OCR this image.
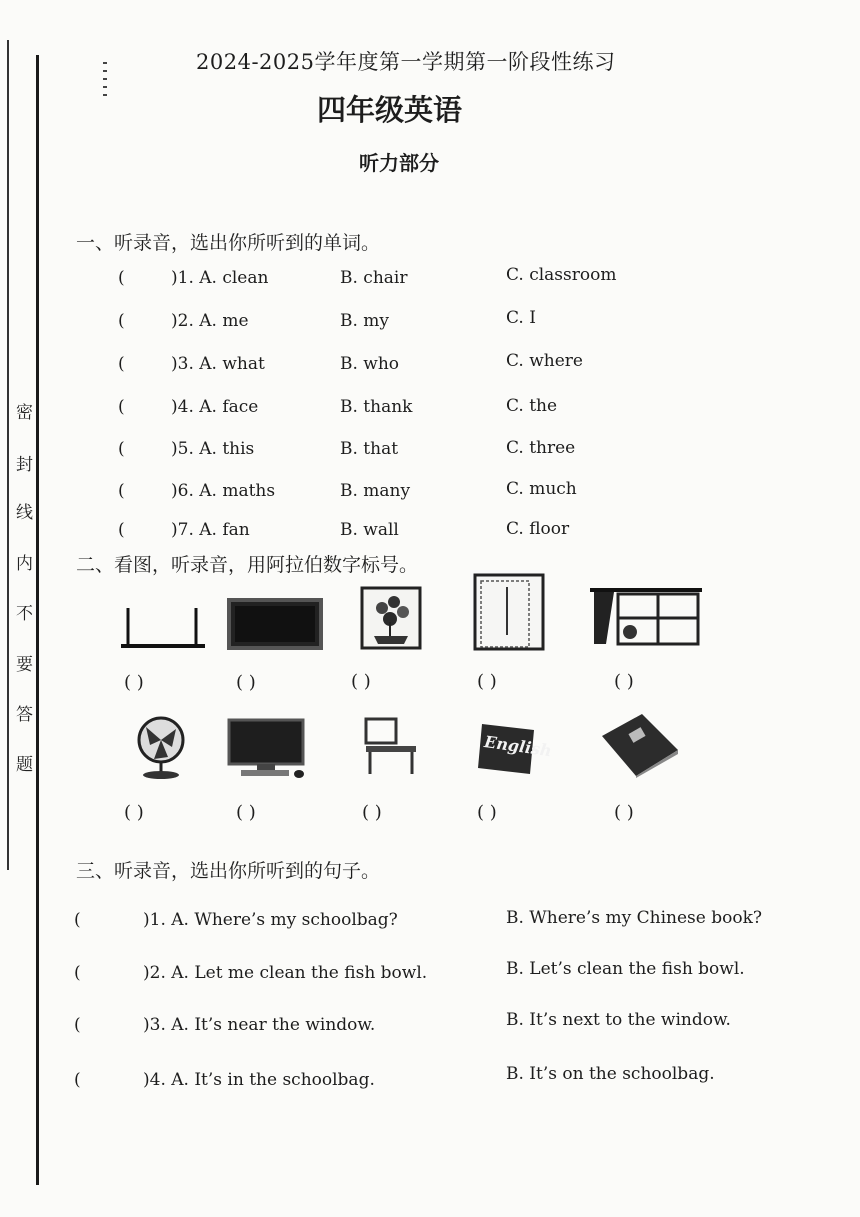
密
封
线
内
不
要
答
题
2024-2025学年度第一学期第一阶段性练习
四年级英语
听力部分
一、听录音，选出你所听到的单词。
(	)1. A. clean	B. chair	C. classroom
(	)2. A. me	B. my	C. I
(	)3. A. what	B. who	C. where
(	)4. A. face	B. thank	C. the
(	)5. A. this	B. that	C. three
(	)6. A. maths	B. many	C. much
(	)7. A. fan	B. wall	C. floor
二、看图，听录音，用阿拉伯数字标号。
( )	( )	( )	( )	( )
English
( )	( )	( )	( )	( )
三、听录音，选出你所听到的句子。
(	)1. A. Where’s my schoolbag?	B. Where’s my Chinese book?
(	)2. A. Let me clean the fish bowl.	B. Let’s clean the fish bowl.
(	)3. A. It’s near the window.	B. It’s next to the window.
(	)4. A. It’s in the schoolbag.	B. It’s on the schoolbag.
